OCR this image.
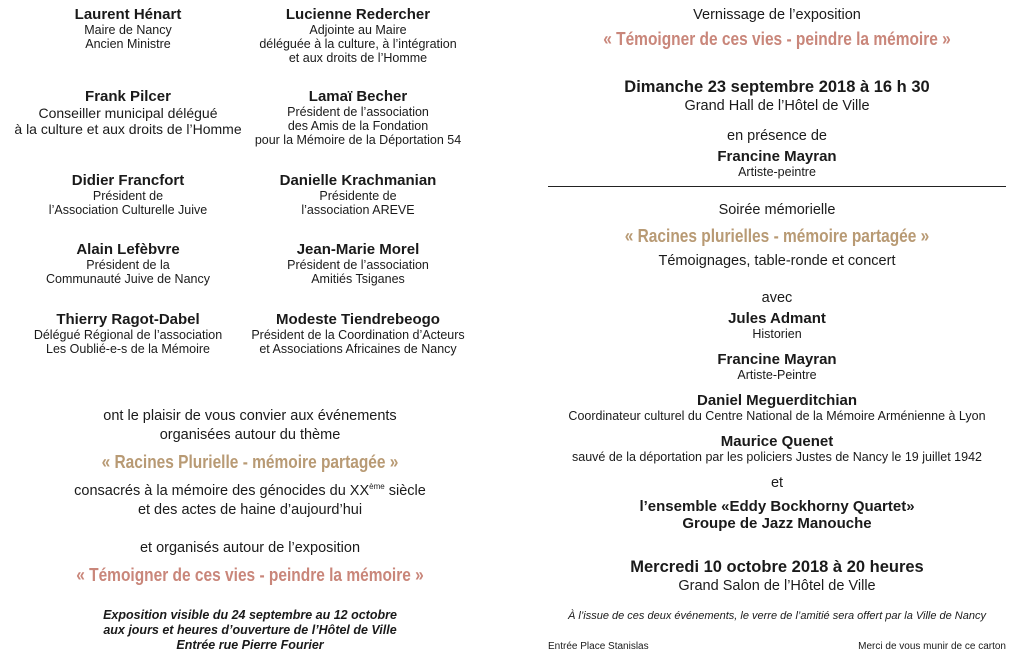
Laurent Hénart
Maire de Nancy
Ancien Ministre
Lucienne Redercher
Adjointe au Maire
déléguée à la culture, à l’intégration
et aux droits de l’Homme
Frank Pilcer
Conseiller municipal délégué
à la culture et aux droits de l’Homme
Lamaï Becher
Président de l’association
des Amis de la Fondation
pour la Mémoire de la Déportation 54
Didier Francfort
Président de
l’Association Culturelle Juive
Danielle Krachmanian
Présidente de
l’association AREVE
Alain Lefèbvre
Président de la
Communauté Juive de Nancy
Jean-Marie Morel
Président de l’association
Amitiés Tsiganes
Thierry Ragot-Dabel
Délégué Régional de l’association
Les Oublié-e-s de la Mémoire
Modeste Tiendrebeogo
Président de la Coordination d’Acteurs
et Associations Africaines de Nancy
ont le plaisir de vous convier aux événements
organisées autour du thème
« Racines Plurielle - mémoire partagée »
consacrés à la mémoire des génocides du XXème siècle
et des actes de haine d’aujourd’hui
et organisés autour de l’exposition
« Témoigner de ces vies - peindre la mémoire »
Exposition visible du 24 septembre au 12 octobre
aux jours et heures d’ouverture de l’Hôtel de Ville
Entrée rue Pierre Fourier
Vernissage de l’exposition
« Témoigner de ces vies - peindre la mémoire »
Dimanche 23 septembre 2018 à 16 h 30
Grand Hall de l’Hôtel de Ville
en présence de
Francine Mayran
Artiste-peintre
Soirée mémorielle
« Racines plurielles - mémoire partagée »
Témoignages, table-ronde et concert
avec
Jules Admant
Historien
Francine Mayran
Artiste-Peintre
Daniel Meguerditchian
Coordinateur culturel du Centre National de la Mémoire Arménienne à Lyon
Maurice Quenet
sauvé de la déportation par les policiers Justes de Nancy le 19 juillet 1942
et
l’ensemble «Eddy Bockhorny Quartet»
Groupe de Jazz Manouche
Mercredi 10 octobre 2018 à 20 heures
Grand Salon de l’Hôtel de Ville
À l’issue de ces deux événements, le verre de l’amitié sera offert par la Ville de Nancy
Entrée Place Stanislas	Merci de vous munir de ce carton
